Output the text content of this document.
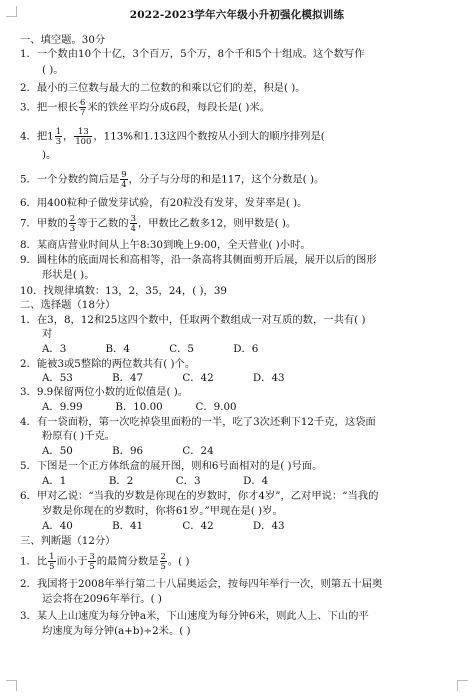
2022-2023学年六年级小升初强化模拟训练
一、填空题。30分
1．一个数由10个十亿，3个百万，5个万，8个千和5个十组成。这个数写作
( )。
2．最小的三位数与最大的二位数的和乘以它们的差，积是( )。
3．把一根长 $\frac{6}{7}$ 米的铁丝平均分成6段，每段长是( )米。
4．把$1 \frac{1}{3}$ ， $\frac{13}{100}$ ，113%和1.13这四个数按从小到大的顺序排列是(
)。
5．一个分数约简后是 $\frac{9}{4}$ ，分子与分母的和是117，这个分数是( )。
6．用400粒种子做发芽试验，有20粒没有发芽，发芽率是( )。
7．甲数的 $\frac{2}{3}$ 等于乙数的 $\frac{3}{4}$ ，甲数比乙数多12，则甲数是( )。
8．某商店营业时间从上午8:30到晚上9:00，全天营业( )小时。
9．圆柱体的底面周长和高相等，沿一条高将其侧面剪开后展，展开以后的图形
形状是( )。
10．找规律填数：13，2，35，24，( )，39
二、选择题（18分）
1．在3，8，12和25这四个数中，任取两个数组成一对互质的数，一共有( )
对
A．3            B．4            C．5            D．6
2．能被3或5整除的两位数共有( )个。
A．53            B．47            C．42            D．43
3．9.9保留两位小数的近似值是( )。
A．9.99          B．10.00          C．9.00
4．有一袋面粉，第一次吃掉袋里面粉的一半，吃了3次还剩下12千克，这袋面
粉原有( )千克。
A．50            B．96            C．24
5．下图是一个正方体纸盒的展开图，则和6号面相对的是( )号面。
A．1             B．2             C．3             D．4
6．甲对乙说：“当我的岁数是你现在的岁数时，你才4岁”，乙对甲说：“当我的
岁数是你现在的岁数时，你将61岁。”甲现在是( )岁。
A．40            B．41            C．42            D．43
三、判断题（12分）
1．比 $\frac{1}{5}$ 而小于 $\frac{3}{5}$ 的最简分数是 $\frac{2}{5}$ 。( )
2．我国将于2008年举行第二十八届奥运会，按每四年举行一次，则第五十届奥
运会将在2096年举行。( )
3．某人上山速度为每分钟a米，下山速度为每分钟6米，则此人上、下山的平
均速度为每分钟(a+b)÷2米。( )
